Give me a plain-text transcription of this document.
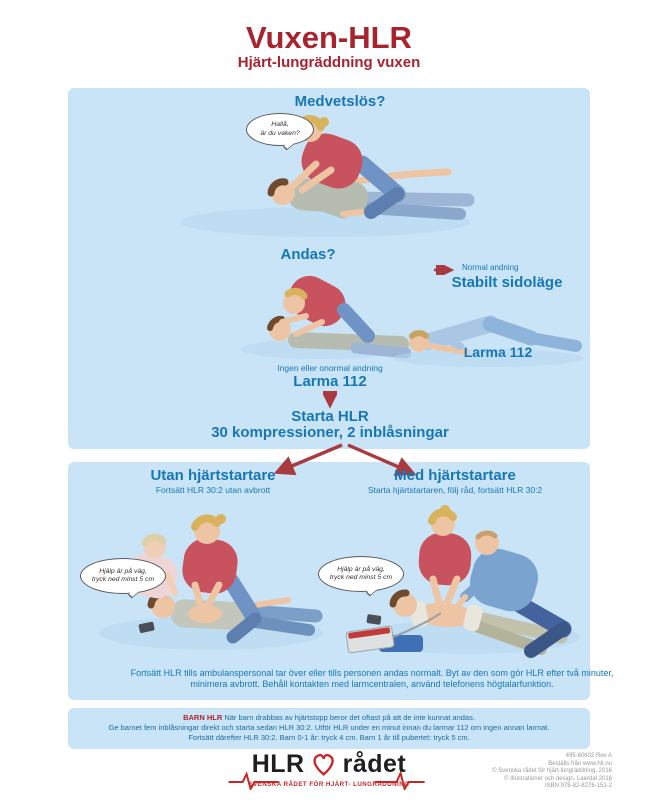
Vuxen-HLR
Hjärt-lungräddning vuxen
Medvetslös?
Hallå,
är du vaken?
Andas?
Normal andning
Stabilt sidoläge
Larma 112
Ingen eller onormal andning
Larma 112
Starta HLR
30 kompressioner, 2 inblåsningar
Utan hjärtstartare
Fortsätt HLR 30:2 utan avbrott
Med hjärtstartare
Starta hjärtstartaren, följ råd, fortsätt HLR 30:2
Hjälp är på väg,
tryck ned minst 5 cm
Hjälp är på väg,
tryck ned minst 5 cm
Fortsätt HLR tills ambulanspersonal tar över eller tills personen andas normalt. Byt av den som gör HLR efter två minuter,
minimera avbrott. Behåll kontakten med larmcentralen, använd telefonens högtalarfunktion.
BARN HLR När barn drabbas av hjärtstopp beror det oftast på att de inte kunnat andas.
Ge barnet fem inblåsningar direkt och starta sedan HLR 30:2. Utför HLR under en minut innan du larmar 112 om ingen annan larmat.
Fortsätt därefter HLR 30:2. Barn 0-1 år: tryck 4 cm. Barn 1 år till pubertet: tryck 5 cm.
HLR rådet
SVENSKA RÅDET FÖR HJÄRT- LUNGRÄDDNING
495-60602 Rev A
Beställs från www.hlr.nu
© Svenska rådet för hjärt-lungräddning, 2016
© Illustrationer och design, Laerdal 2016
ISBN 978-82-8276-151-2
